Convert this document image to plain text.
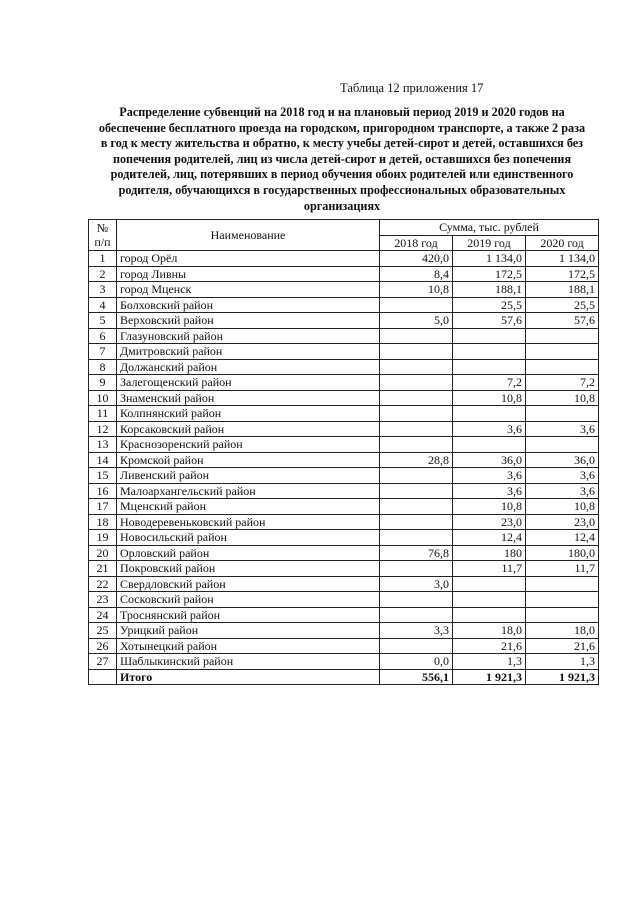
Таблица 12 приложения 17
Распределение субвенций на 2018 год и на плановый период 2019 и 2020 годов на
обеспечение бесплатного проезда на городском, пригородном транспорте, а также 2 раза
в год к месту жительства и обратно, к месту учебы детей-сирот и детей, оставшихся без
попечения родителей, лиц из числа детей-сирот и детей, оставшихся без попечения
родителей, лиц, потерявших в период обучения обоих родителей или единственного
родителя, обучающихся в государственных профессиональных образовательных
организациях
№
п/п	Наименование	Сумма, тыс. рублей		
		2018 год	2019 год	2020 год
1	город Орёл	420,0	1 134,0	1 134,0
2	город Ливны	8,4	172,5	172,5
3	город Мценск	10,8	188,1	188,1
4	Болховский район		25,5	25,5
5	Верховский район	5,0	57,6	57,6
6	Глазуновский район			
7	Дмитровский район			
8	Должанский район			
9	Залегощенский район		7,2	7,2
10	Знаменский район		10,8	10,8
11	Колпнянский район			
12	Корсаковский район		3,6	3,6
13	Краснозоренский район			
14	Кромской район	28,8	36,0	36,0
15	Ливенский район		3,6	3,6
16	Малоархангельский район		3,6	3,6
17	Мценский район		10,8	10,8
18	Новодеревеньковский район		23,0	23,0
19	Новосильский район		12,4	12,4
20	Орловский район	76,8	180	180,0
21	Покровский район		11,7	11,7
22	Свердловский район	3,0		
23	Сосковский район			
24	Троснянский район			
25	Урицкий район	3,3	18,0	18,0
26	Хотынецкий район		21,6	21,6
27	Шаблыкинский район	0,0	1,3	1,3
	Итого	556,1	1 921,3	1 921,3
